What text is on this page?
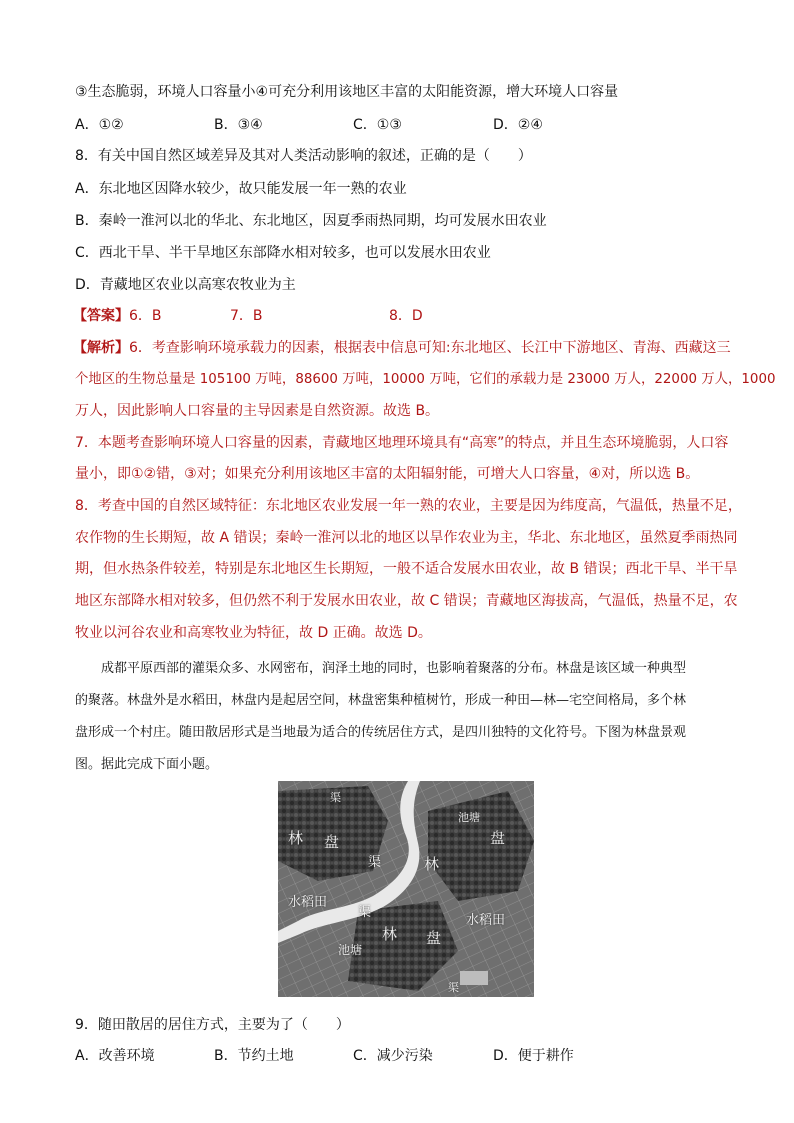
③生态脆弱，环境人口容量小④可充分利用该地区丰富的太阳能资源，增大环境人口容量
A．①②	B．③④	C．①③	D．②④
8．有关中国自然区域差异及其对人类活动影响的叙述，正确的是（　　）
A．东北地区因降水较少，故只能发展一年一熟的农业
B．秦岭一淮河以北的华北、东北地区，因夏季雨热同期，均可发展水田农业
C．西北干旱、半干旱地区东部降水相对较多，也可以发展水田农业
D．青藏地区农业以高寒农牧业为主
【答案】6．B	7．B	8．D
【解析】6．考查影响环境承载力的因素，根据表中信息可知:东北地区、长江中下游地区、青海、西藏这三
个地区的生物总量是 105100 万吨，88600 万吨，10000 万吨，它们的承载力是 23000 万人，22000 万人，1000
万人，因此影响人口容量的主导因素是自然资源。故选 B。
7．本题考查影响环境人口容量的因素，青藏地区地理环境具有“高寒”的特点，并且生态环境脆弱，人口容
量小，即①②错，③对；如果充分利用该地区丰富的太阳辐射能，可增大人口容量，④对，所以选 B。
8．考查中国的自然区域特征：东北地区农业发展一年一熟的农业，主要是因为纬度高，气温低，热量不足，
农作物的生长期短，故 A 错误；秦岭一淮河以北的地区以旱作农业为主，华北、东北地区，虽然夏季雨热同
期，但水热条件较差，特别是东北地区生长期短，一般不适合发展水田农业，故 B 错误；西北干旱、半干旱
地区东部降水相对较多，但仍然不利于发展水田农业，故 C 错误；青藏地区海拔高，气温低，热量不足，农
牧业以河谷农业和高寒牧业为特征，故 D 正确。故选 D。
成都平原西部的灌渠众多、水网密布，润泽土地的同时，也影响着聚落的分布。林盘是该区域一种典型
的聚落。林盘外是水稻田，林盘内是起居空间，林盘密集种植树竹，形成一种田—林—宅空间格局，多个林
盘形成一个村庄。随田散居形式是当地最为适合的传统居住方式，是四川独特的文化符号。下图为林盘景观
图。据此完成下面小题。
林 盘
林
盘
林 盘
水稻田
水稻田
渠
渠
池塘
渠
池塘
渠
9．随田散居的居住方式，主要为了（　　）
A．改善环境	B．节约土地	C．减少污染	D．便于耕作
